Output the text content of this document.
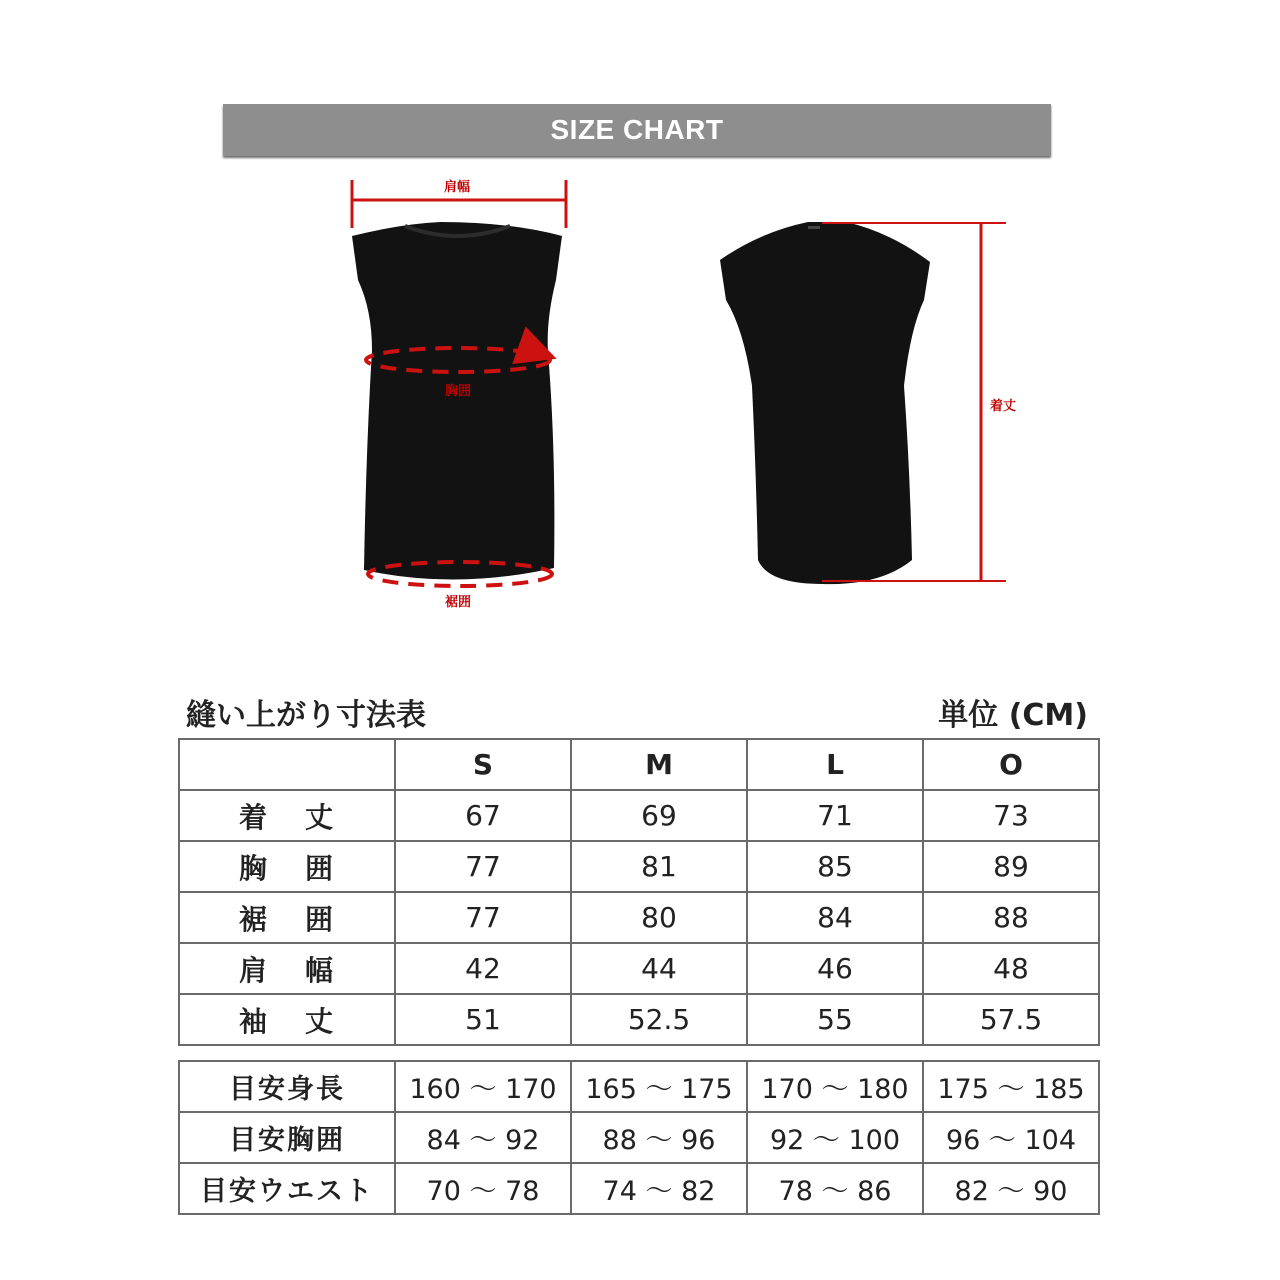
SIZE CHART
肩幅
胸囲
裾囲
着丈
縫い上がり寸法表	単位 (CM)
	S	M	L	O
着 丈	67	69	71	73
胸 囲	77	81	85	89
裾 囲	77	80	84	88
肩 幅	42	44	46	48
袖 丈	51	52.5	55	57.5
目安身長	160 〜 170	165 〜 175	170 〜 180	175 〜 185
目安胸囲	84 〜 92	88 〜 96	92 〜 100	96 〜 104
目安ウエスト	70 〜 78	74 〜 82	78 〜 86	82 〜 90
